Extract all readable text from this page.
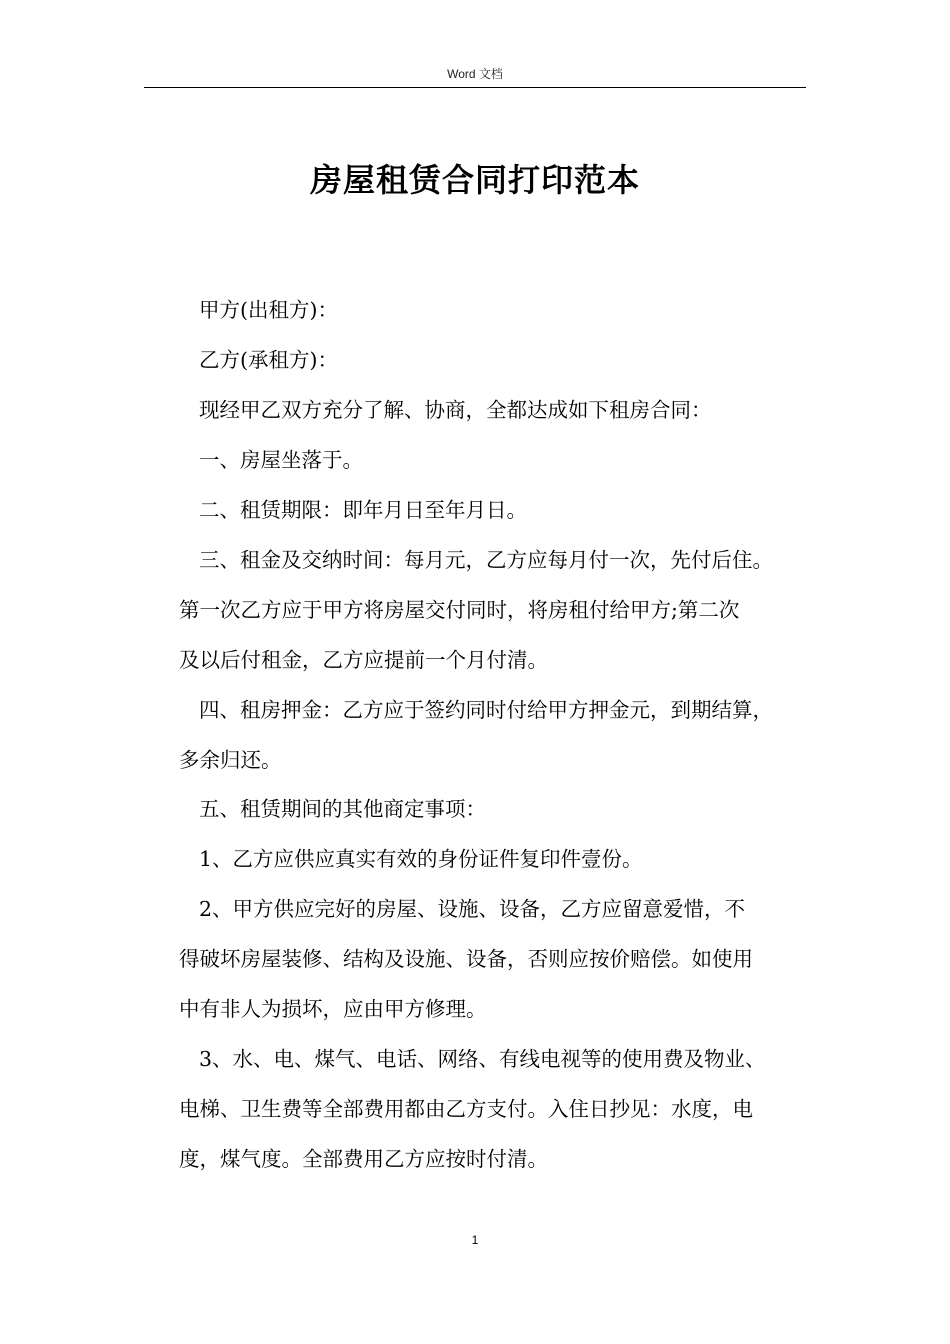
Word 文档
房屋租赁合同打印范本
甲方(出租方)：
乙方(承租方)：
现经甲乙双方充分了解、协商，全都达成如下租房合同：
一、房屋坐落于。
二、租赁期限：即年月日至年月日。
三、租金及交纳时间：每月元，乙方应每月付一次，先付后住。
第一次乙方应于甲方将房屋交付同时，将房租付给甲方;第二次
及以后付租金，乙方应提前一个月付清。
四、租房押金：乙方应于签约同时付给甲方押金元，到期结算，
多余归还。
五、租赁期间的其他商定事项：
1、乙方应供应真实有效的身份证件复印件壹份。
2、甲方供应完好的房屋、设施、设备，乙方应留意爱惜，不
得破坏房屋装修、结构及设施、设备，否则应按价赔偿。如使用
中有非人为损坏，应由甲方修理。
3、水、电、煤气、电话、网络、有线电视等的使用费及物业、
电梯、卫生费等全部费用都由乙方支付。入住日抄见：水度，电
度，煤气度。全部费用乙方应按时付清。
1
